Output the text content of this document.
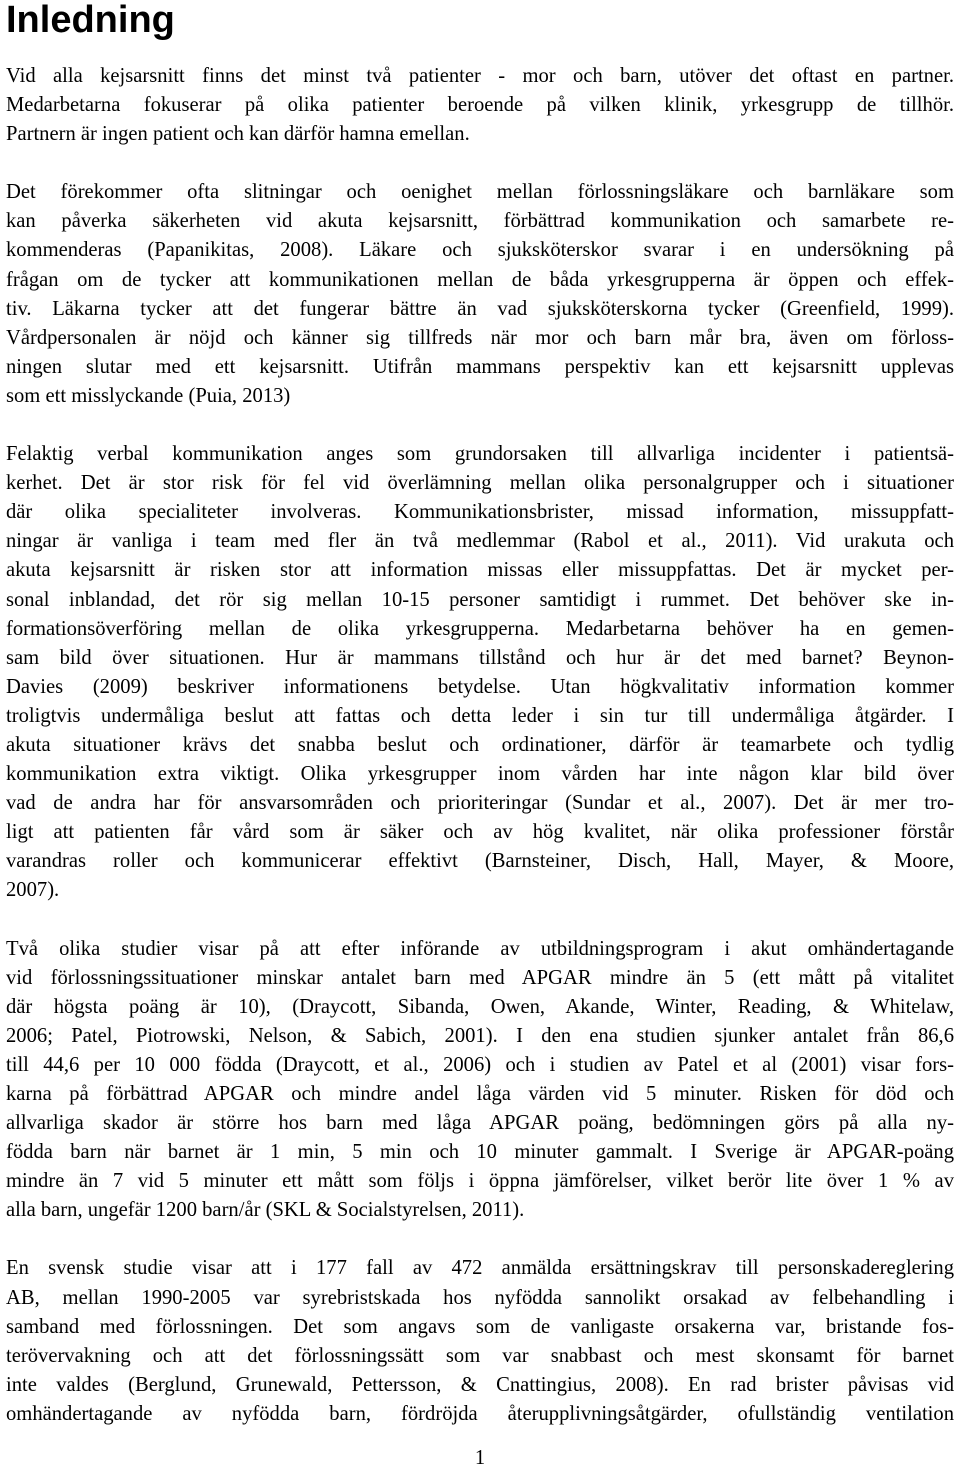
Inledning
Vid alla kejsarsnitt finns det minst två patienter - mor och barn, utöver det oftast en partner.
Medarbetarna fokuserar på olika patienter beroende på vilken klinik, yrkesgrupp de tillhör.
Partnern är ingen patient och kan därför hamna emellan.
Det förekommer ofta slitningar och oenighet mellan förlossningsläkare och barnläkare som
kan påverka säkerheten vid akuta kejsarsnitt, förbättrad kommunikation och samarbete re-
kommenderas (Papanikitas, 2008). Läkare och sjuksköterskor svarar i en undersökning på
frågan om de tycker att kommunikationen mellan de båda yrkesgrupperna är öppen och effek-
tiv. Läkarna tycker att det fungerar bättre än vad sjuksköterskorna tycker (Greenfield, 1999).
Vårdpersonalen är nöjd och känner sig tillfreds när mor och barn mår bra, även om förloss-
ningen slutar med ett kejsarsnitt. Utifrån mammans perspektiv kan ett kejsarsnitt upplevas
som ett misslyckande (Puia, 2013)
Felaktig verbal kommunikation anges som grundorsaken till allvarliga incidenter i patientsä-
kerhet. Det är stor risk för fel vid överlämning mellan olika personalgrupper och i situationer
där olika specialiteter involveras. Kommunikationsbrister, missad information, missuppfatt-
ningar är vanliga i team med fler än två medlemmar (Rabol et al., 2011). Vid urakuta och
akuta kejsarsnitt är risken stor att information missas eller missuppfattas. Det är mycket per-
sonal inblandad, det rör sig mellan 10-15 personer samtidigt i rummet. Det behöver ske in-
formationsöverföring mellan de olika yrkesgrupperna. Medarbetarna behöver ha en gemen-
sam bild över situationen. Hur är mammans tillstånd och hur är det med barnet? Beynon-
Davies (2009) beskriver informationens betydelse. Utan högkvalitativ information kommer
troligtvis undermåliga beslut att fattas och detta leder i sin tur till undermåliga åtgärder. I
akuta situationer krävs det snabba beslut och ordinationer, därför är teamarbete och tydlig
kommunikation extra viktigt. Olika yrkesgrupper inom vården har inte någon klar bild över
vad de andra har för ansvarsområden och prioriteringar (Sundar et al., 2007). Det är mer tro-
ligt att patienten får vård som är säker och av hög kvalitet, när olika professioner förstår
varandras roller och kommunicerar effektivt (Barnsteiner, Disch, Hall, Mayer, & Moore,
2007).
Två olika studier visar på att efter införande av utbildningsprogram i akut omhändertagande
vid förlossningssituationer minskar antalet barn med APGAR mindre än 5 (ett mått på vitalitet
där högsta poäng är 10), (Draycott, Sibanda, Owen, Akande, Winter, Reading, & Whitelaw,
2006; Patel, Piotrowski, Nelson, & Sabich, 2001). I den ena studien sjunker antalet från 86,6
till 44,6 per 10 000 födda (Draycott, et al., 2006) och i studien av Patel et al (2001) visar fors-
karna på förbättrad APGAR och mindre andel låga värden vid 5 minuter. Risken för död och
allvarliga skador är större hos barn med låga APGAR poäng, bedömningen görs på alla ny-
födda barn när barnet är 1 min, 5 min och 10 minuter gammalt. I Sverige är APGAR-poäng
mindre än 7 vid 5 minuter ett mått som följs i öppna jämförelser, vilket berör lite över 1 % av
alla barn, ungefär 1200 barn/år (SKL & Socialstyrelsen, 2011).
En svensk studie visar att i 177 fall av 472 anmälda ersättningskrav till personskadereglering
AB, mellan 1990-2005 var syrebristskada hos nyfödda sannolikt orsakad av felbehandling i
samband med förlossningen. Det som angavs som de vanligaste orsakerna var, bristande fos-
terövervakning och att det förlossningssätt som var snabbast och mest skonsamt för barnet
inte valdes (Berglund, Grunewald, Pettersson, & Cnattingius, 2008). En rad brister påvisas vid
omhändertagande av nyfödda barn, fördröjda återupplivningsåtgärder, ofullständig ventilation
1
